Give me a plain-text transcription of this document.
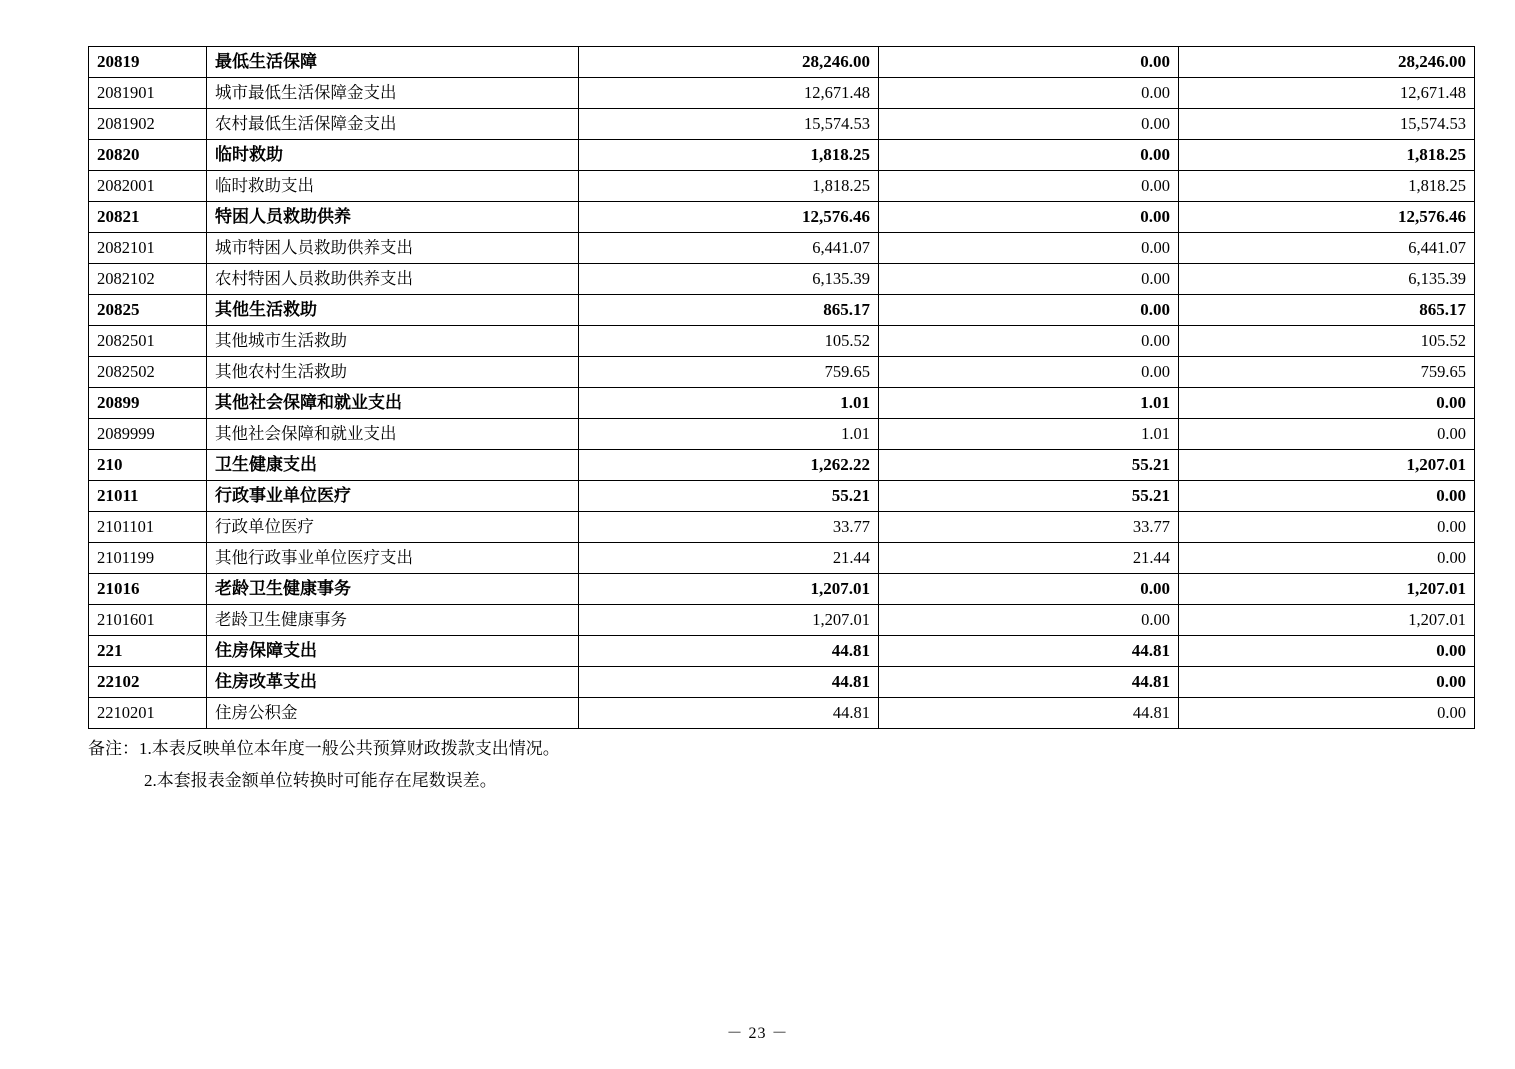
20819	最低生活保障	28,246.00	0.00	28,246.00
2081901	城市最低生活保障金支出	12,671.48	0.00	12,671.48
2081902	农村最低生活保障金支出	15,574.53	0.00	15,574.53
20820	临时救助	1,818.25	0.00	1,818.25
2082001	临时救助支出	1,818.25	0.00	1,818.25
20821	特困人员救助供养	12,576.46	0.00	12,576.46
2082101	城市特困人员救助供养支出	6,441.07	0.00	6,441.07
2082102	农村特困人员救助供养支出	6,135.39	0.00	6,135.39
20825	其他生活救助	865.17	0.00	865.17
2082501	其他城市生活救助	105.52	0.00	105.52
2082502	其他农村生活救助	759.65	0.00	759.65
20899	其他社会保障和就业支出	1.01	1.01	0.00
2089999	其他社会保障和就业支出	1.01	1.01	0.00
210	卫生健康支出	1,262.22	55.21	1,207.01
21011	行政事业单位医疗	55.21	55.21	0.00
2101101	行政单位医疗	33.77	33.77	0.00
2101199	其他行政事业单位医疗支出	21.44	21.44	0.00
21016	老龄卫生健康事务	1,207.01	0.00	1,207.01
2101601	老龄卫生健康事务	1,207.01	0.00	1,207.01
221	住房保障支出	44.81	44.81	0.00
22102	住房改革支出	44.81	44.81	0.00
2210201	住房公积金	44.81	44.81	0.00
备注：1.本表反映单位本年度一般公共预算财政拨款支出情况。
2.本套报表金额单位转换时可能存在尾数误差。
－ 23 －
